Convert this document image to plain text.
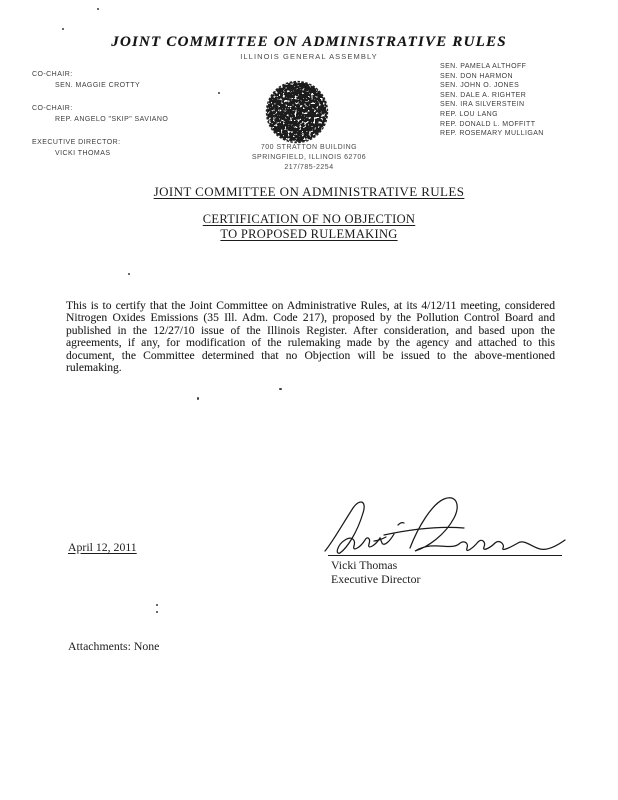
JOINT COMMITTEE ON ADMINISTRATIVE RULES
ILLINOIS GENERAL ASSEMBLY
CO-CHAIR:
SEN. MAGGIE CROTTY
CO-CHAIR:
REP. ANGELO "SKIP" SAVIANO
EXECUTIVE DIRECTOR:
VICKI THOMAS
SEN. PAMELA ALTHOFF
SEN. DON HARMON
SEN. JOHN O. JONES
SEN. DALE A. RIGHTER
SEN. IRA SILVERSTEIN
REP. LOU LANG
REP. DONALD L. MOFFITT
REP. ROSEMARY MULLIGAN
700 STRATTON BUILDING
SPRINGFIELD, ILLINOIS 62706
217/785-2254
JOINT COMMITTEE ON ADMINISTRATIVE RULES
CERTIFICATION OF NO OBJECTION
TO PROPOSED RULEMAKING
This is to certify that the Joint Committee on Administrative Rules, at its 4/12/11 meeting, considered Nitrogen Oxides Emissions (35 Ill. Adm. Code 217), proposed by the Pollution Control Board and published in the 12/27/10 issue of the Illinois Register. After consideration, and based upon the agreements, if any, for modification of the rulemaking made by the agency and attached to this document, the Committee determined that no Objection will be issued to the above-mentioned rulemaking.
April 12, 2011
Vicki Thomas
Executive Director
Attachments: None
